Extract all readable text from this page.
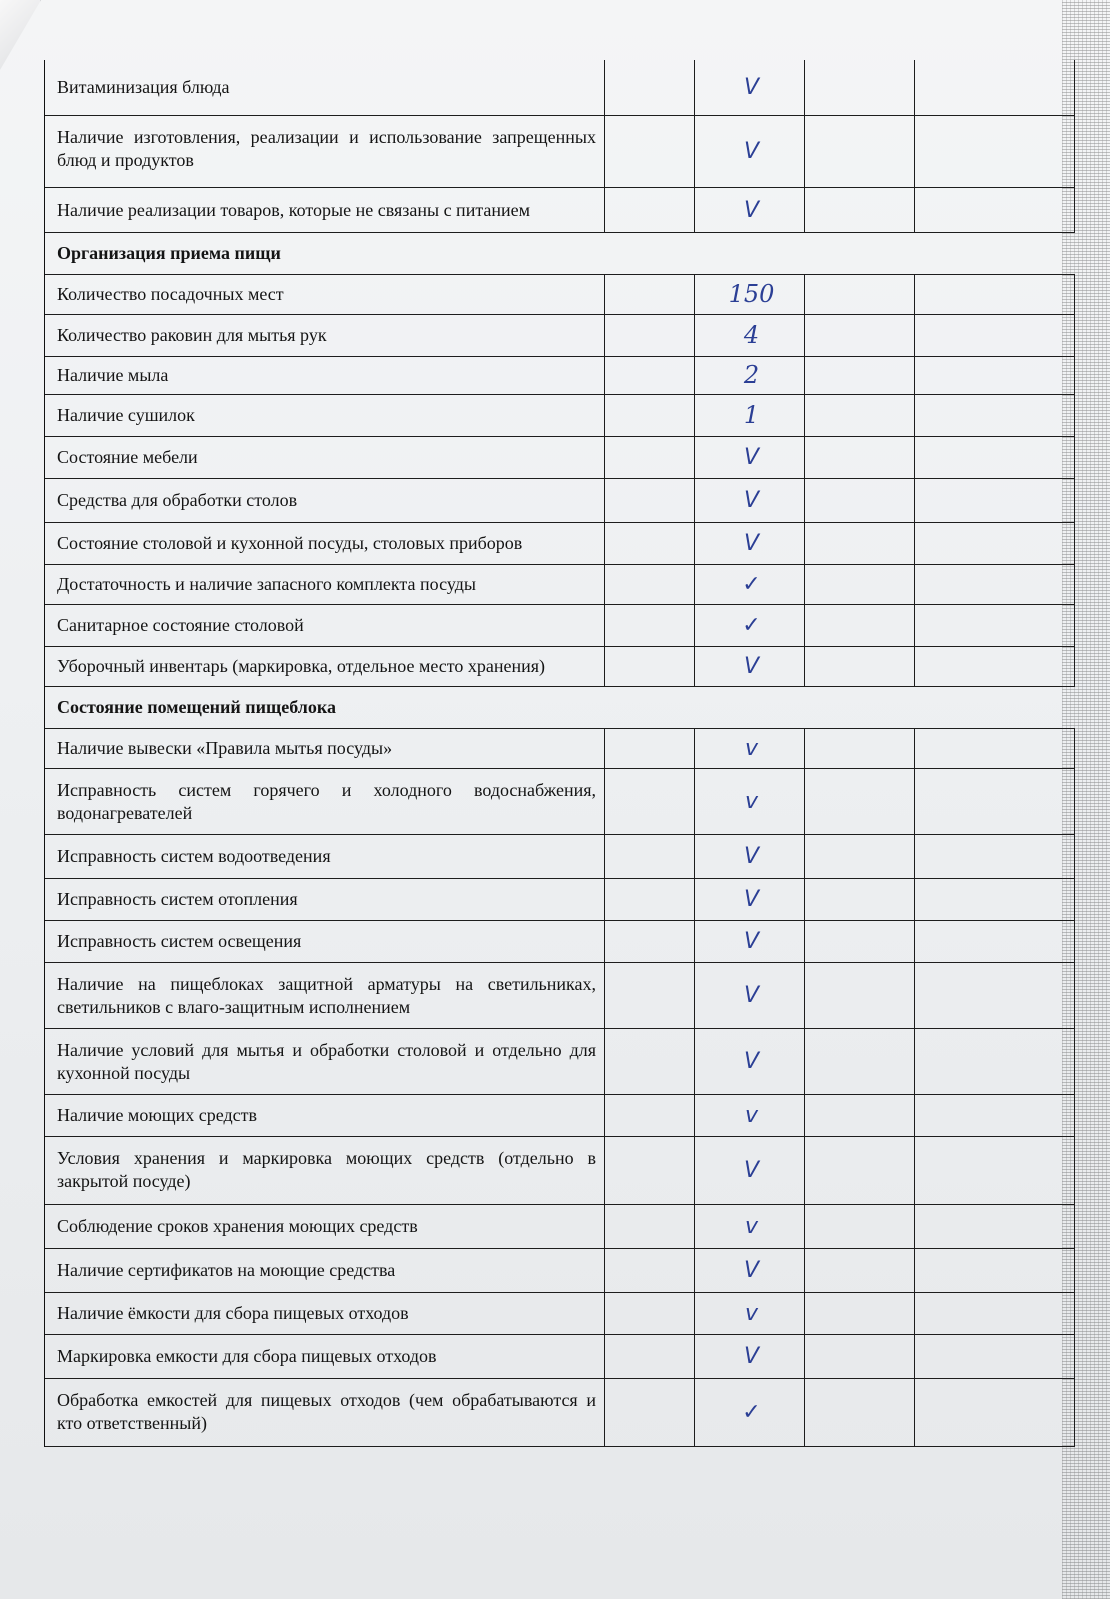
Витаминизация блюда	V
Наличие изготовления, реализации и использование запрещенных блюд и продуктов	V
Наличие реализации товаров, которые не связаны с питанием	V
Организация приема пищи
Количество посадочных мест	150
Количество раковин для мытья рук	4
Наличие мыла	2
Наличие сушилок	1
Состояние мебели	V
Средства для обработки столов	V
Состояние столовой и кухонной посуды, столовых приборов	V
Достаточность и наличие запасного комплекта посуды	✓
Санитарное состояние столовой	✓
Уборочный инвентарь (маркировка, отдельное место хранения)	V
Состояние помещений пищеблока
Наличие вывески «Правила мытья посуды»	v
Исправность систем горячего и холодного водоснабжения, водонагревателей	v
Исправность систем водоотведения	V
Исправность систем отопления	V
Исправность систем освещения	V
Наличие на пищеблоках защитной арматуры на светильниках, светильников с влаго-защитным исполнением	V
Наличие условий для мытья и обработки столовой и отдельно для кухонной посуды	V
Наличие моющих средств	v
Условия хранения и маркировка моющих средств (отдельно в закрытой посуде)	V
Соблюдение сроков хранения моющих средств	v
Наличие сертификатов на моющие средства	V
Наличие ёмкости для сбора пищевых отходов	v
Маркировка емкости для сбора пищевых отходов	V
Обработка емкостей для пищевых отходов (чем обрабатываются и кто ответственный)	✓
